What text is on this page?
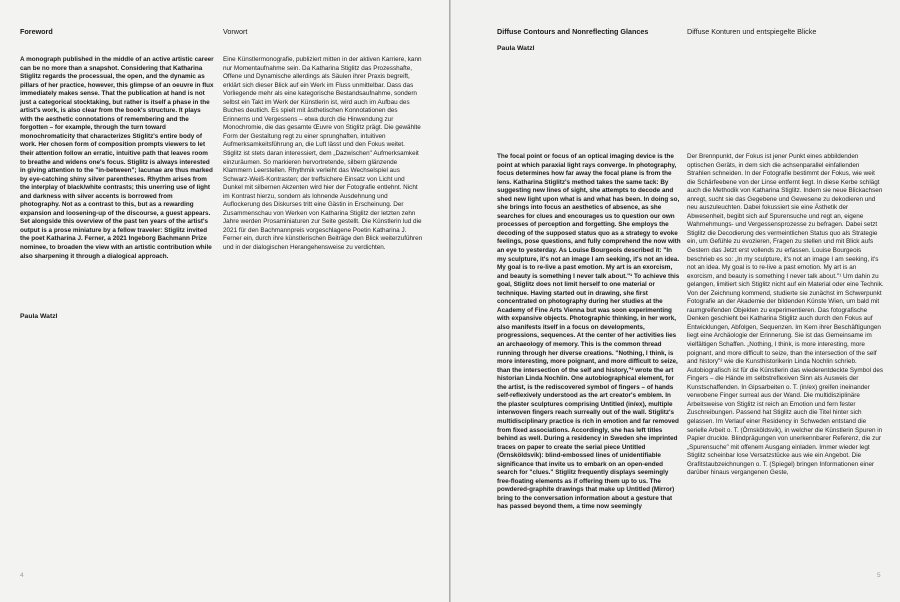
Foreword	Vorwort

A monograph published in the middle of an active artistic career can be no more than a snapshot. Considering that Katharina Stiglitz regards the processual, the open, and the dynamic as pillars of her practice, however, this glimpse of an oeuvre in flux immediately makes sense. That the publication at hand is not just a categorical stocktaking, but rather is itself a phase in the artist's work, is also clear from the book's structure. It plays with the aesthetic connotations of remembering and the forgotten – for example, through the turn toward monochromaticity that characterizes Stiglitz's entire body of work. Her chosen form of composition prompts viewers to let their attention follow an erratic, intuitive path that leaves room to breathe and widens one's focus. Stiglitz is always interested in giving attention to the "in-between"; lacunae are thus marked by eye-catching shiny silver parentheses. Rhythm arises from the interplay of black/white contrasts; this unerring use of light and darkness with silver accents is borrowed from photography. Not as a contrast to this, but as a rewarding expansion and loosening-up of the discourse, a guest appears. Set alongside this overview of the past ten years of the artist's output is a prose miniature by a fellow traveler: Stiglitz invited the poet Katharina J. Ferner, a 2021 Ingeborg Bachmann Prize nominee, to broaden the view with an artistic contribution while also sharpening it through a dialogical approach.

Paula Watzl

Eine Künstlermonografie, publiziert mitten in der aktiven Karriere, kann nur Momentaufnahme sein. Da Katharina Stiglitz das Prozesshafte, Offene und Dynamische allerdings als Säulen ihrer Praxis begreift, erklärt sich dieser Blick auf ein Werk im Fluss unmittelbar. Dass das Vorliegende mehr als eine kategorische Bestandsaufnahme, sondern selbst ein Takt im Werk der Künstlerin ist, wird auch im Aufbau des Buches deutlich. Es spielt mit ästhetischen Konnotationen des Erinnerns und Vergessens – etwa durch die Hinwendung zur Monochromie, die das gesamte Œuvre von Stiglitz prägt. Die gewählte Form der Gestaltung regt zu einer sprunghaften, intuitiven Aufmerksamkeitsführung an, die Luft lässt und den Fokus weitet. Stiglitz ist stets daran interessiert, dem „Dazwischen" Aufmerksamkeit einzuräumen. So markieren hervortretende, silbern glänzende Klammern Leerstellen. Rhythmik verleiht das Wechselspiel aus Schwarz-Weiß-Kontrasten; der treffsichere Einsatz von Licht und Dunkel mit silbernen Akzenten wird hier der Fotografie entlehnt. Nicht im Kontrast hierzu, sondern als lohnende Ausdehnung und Auflockerung des Diskurses tritt eine Gästin in Erscheinung. Der Zusammenschau von Werken von Katharina Stiglitz der letzten zehn Jahre werden Prosaminiaturen zur Seite gestellt. Die Künstlerin lud die 2021 für den Bachmannpreis vorgeschlagene Poetin Katharina J. Ferner ein, durch ihre künstlerischen Beiträge den Blick weiterzuführen und in der dialogischen Herangehensweise zu verdichten.

4
Diffuse Contours and Nonreflecting Glances	Diffuse Konturen und entspiegelte Blicke
Paula Watzl

The focal point or focus of an optical imaging device is the point at which paraxial light rays converge. In photography, focus determines how far away the focal plane is from the lens. Katharina Stiglitz's method takes the same tack: By suggesting new lines of sight, she attempts to decode and shed new light upon what is and what has been. In doing so, she brings into focus an aesthetics of absence, as she searches for clues and encourages us to question our own processes of perception and forgetting. She employs the decoding of the supposed status quo as a strategy to evoke feelings, pose questions, and fully comprehend the now with an eye to yesterday. As Louise Bourgeois described it: "In my sculpture, it's not an image I am seeking, it's not an idea. My goal is to re-live a past emotion. My art is an exorcism, and beauty is something I never talk about."¹ To achieve this goal, Stiglitz does not limit herself to one material or technique. Having started out in drawing, she first concentrated on photography during her studies at the Academy of Fine Arts Vienna but was soon experimenting with expansive objects. Photographic thinking, in her work, also manifests itself in a focus on developments, progressions, sequences. At the center of her activities lies an archaeology of memory. This is the common thread running through her diverse creations. "Nothing, I think, is more interesting, more poignant, and more difficult to seize, than the intersection of the self and history,"² wrote the art historian Linda Nochlin. One autobiographical element, for the artist, is the rediscovered symbol of fingers – of hands self-reflexively understood as the art creator's emblem. In the plaster sculptures comprising Untitled (in/ex), multiple interwoven fingers reach surreally out of the wall. Stiglitz's multidisciplinary practice is rich in emotion and far removed from fixed associations. Accordingly, she has left titles behind as well. During a residency in Sweden she imprinted traces on paper to create the serial piece Untitled (Örnsköldsvik): blind-embossed lines of unidentifiable significance that invite us to embark on an open-ended search for "clues." Stiglitz frequently displays seemingly free-floating elements as if offering them up to us. The powdered-graphite drawings that make up Untitled (Mirror) bring to the conversation information about a gesture that has passed beyond them, a time now seemingly

Der Brennpunkt, der Fokus ist jener Punkt eines abbildenden optischen Geräts, in dem sich die achsenparallel einfallenden Strahlen schneiden. In der Fotografie bestimmt der Fokus, wie weit die Schärfeebene von der Linse entfernt liegt. In diese Kerbe schlägt auch die Methodik von Katharina Stiglitz. Indem sie neue Blickachsen anregt, sucht sie das Gegebene und Gewesene zu dekodieren und neu auszuleuchten. Dabei fokussiert sie eine Ästhetik der Abwesenheit, begibt sich auf Spurensuche und regt an, eigene Wahrnehmungs- und Vergessensprozesse zu befragen. Dabei setzt Stiglitz die Decodierung des vermeintlichen Status quo als Strategie ein, um Gefühle zu evozieren, Fragen zu stellen und mit Blick aufs Gestern das Jetzt erst vollends zu erfassen. Louise Bourgeois beschrieb es so: „In my sculpture, it's not an image I am seeking, it's not an idea. My goal is to re-live a past emotion. My art is an exorcism, and beauty is something I never talk about."¹ Um dahin zu gelangen, limitiert sich Stiglitz nicht auf ein Material oder eine Technik. Von der Zeichnung kommend, studierte sie zunächst im Schwerpunkt Fotografie an der Akademie der bildenden Künste Wien, um bald mit raumgreifenden Objekten zu experimentieren. Das fotografische Denken geschieht bei Katharina Stiglitz auch durch den Fokus auf Entwicklungen, Abfolgen, Sequenzen. Im Kern ihrer Beschäftigungen liegt eine Archäologie der Erinnerung. Sie ist das Gemeinsame im vielfältigen Schaffen. „Nothing, I think, is more interesting, more poignant, and more difficult to seize, than the intersection of the self and history"² wie die Kunsthistorikerin Linda Nochlin schrieb. Autobiografisch ist für die Künstlerin das wiederentdeckte Symbol des Fingers – die Hände im selbstreflexiven Sinn als Ausweis der Kunstschaffenden. In Gipsarbeiten o. T. (in/ex) greifen ineinander verwobene Finger surreal aus der Wand. Die multidisziplinäre Arbeitsweise von Stiglitz ist reich an Emotion und fern fester Zuschreibungen. Passend hat Stiglitz auch die Titel hinter sich gelassen. Im Verlauf einer Residency in Schweden entstand die serielle Arbeit o. T. (Örnsköldsvik), in welcher die Künstlerin Spuren in Papier druckte. Blindprägungen von unerkennbarer Referenz, die zur „Spurensuche" mit offenem Ausgang einladen. Immer wieder legt Stiglitz scheinbar lose Versatzstücke aus wie ein Angebot. Die Grafitstaubzeichnungen o. T. (Spiegel) bringen Informationen einer darüber hinaus vergangenen Geste,

5
